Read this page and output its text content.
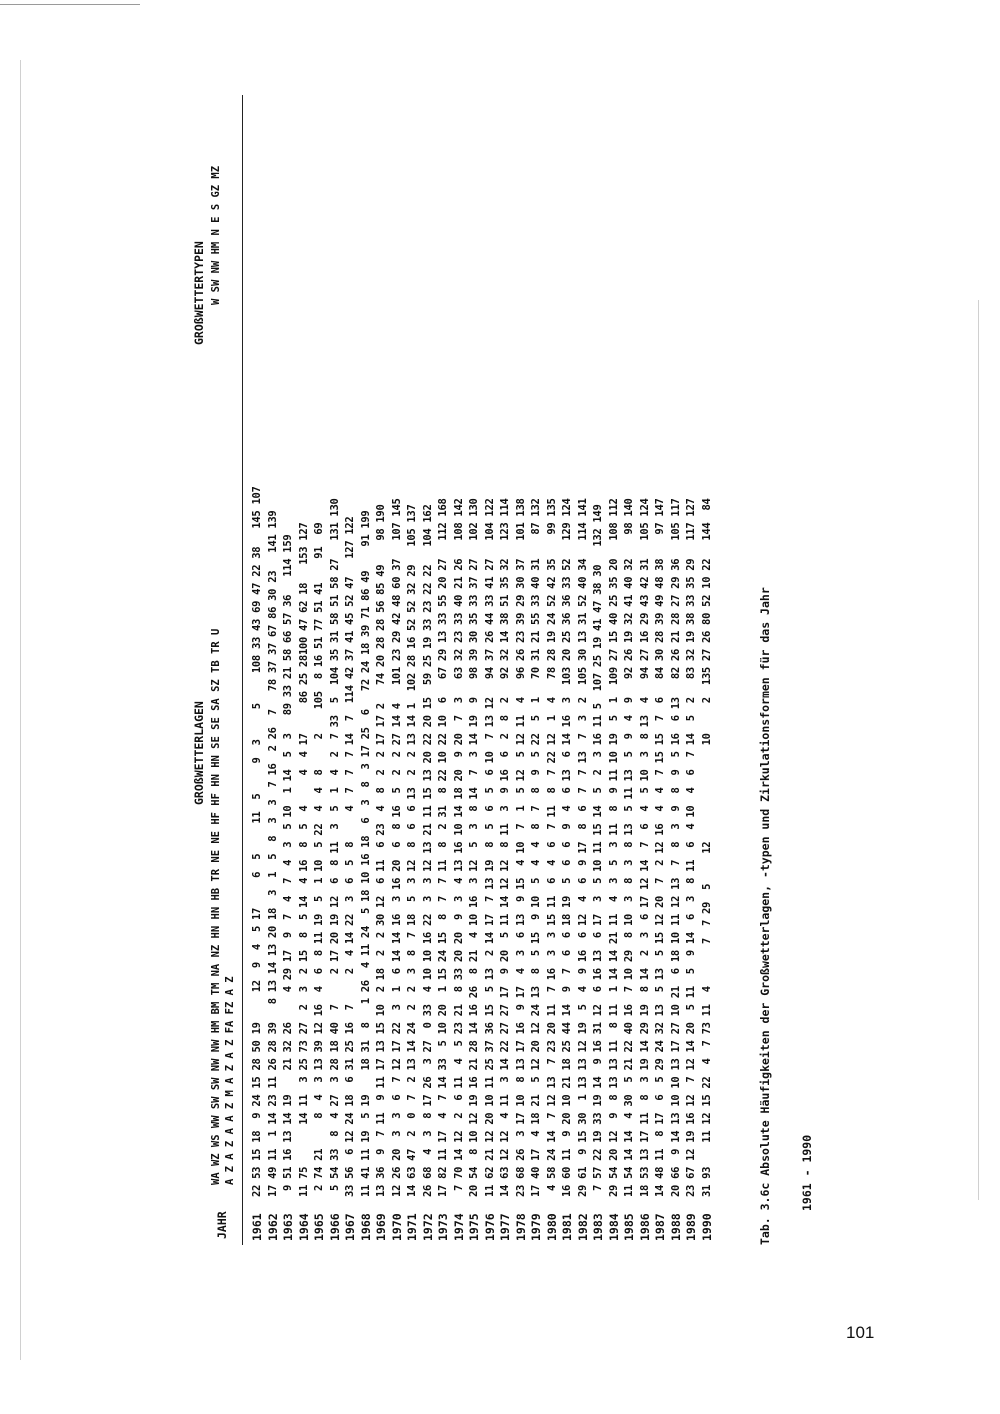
JAHR
GROßWETTERLAGEN
GROßWETTERTYPEN
WA WZ WS WW SW SW NW NW HM BM TM NA NZ HN HN HB TR NE NE HF HF HN HN SE SE SA SZ TB TR U A Z A Z A A Z M A Z A Z FA FZ A Z
W SW NW HM N E S GZ MZ
1961
22 53 15 18  9 24 15 28 50 19     12  9  4  5 17     6  5     11  5     9  3     5     108 33 43 69 47 22 38   145 107
1962
17 49 11  1 14 23 11 26 28 39   8 13 14 13 20 18  3  1  5  8  3  3  7 16  2 26  7   78 37 37 67 86 30 23   141 139
1963
9 51 16 13 14 19    21 32 26     4 29 17  9  7  4  7  4  3  5 10  1 14  5  3   89 33 21 58 66 57 36   114 159
1964
11 75       14 11  3 25 73 27  2  3  2 15  8  5 14  4 16  8  5  4     4  4 17     86 25 28100 47 62 18   153 127
1965
2 74 21     8  4  3 13 39 12 16  4  6  8 11 19  5  1 10  5 22  4  4  8     2    105  8 16 51 77 51 41    91  69
1966
5 54 33  8  4 27  3 28 18 40  7     2 17 20 19 12  6  8 11  3  5  1  4  2  7 33  5  104 35 31 58 51 58 27   131 130
1967
33 56  6 12 24 18  6 31 25 16  7     2  4 14 22  3  6  5  8     4  7  7  7 14  7  114 42 37 41 45 52 47   127 122
1968
11 41 11 19  5 19    18 31  8   1 26  4 11 24  5 18 10 16 18  6  3  8  3 17 25  6   72 24 18 39 71 86 49    91 199
1969
13 36  9  7 11  9 11 17 13 15 10  2 18  2  2 30 12  6 11  6 23  4  8  2  2 17 17 2   74 20 28 28 56 85 49    98 190
1970
12 26 20  3  3  6  7 12 17 22  3  1  6 14 14 16  3 16 20  6  8 16  5  2  2 27 14 4   101 23 29 42 48 60 37   107 145
1971
14 63 47  2  0  7  2 13 14 24  2  2  3  8  7 18  5  3 12  8  6  6 13  2  2 13 14 1  102 28 16 52 52 32 29   105 137
1972
26 68  4  3  8 17 26  3 27  0 33  4 10 10 16 22  3  3 12 13 21 11 15 13 20 22 20 15  59 25 19 33 23 22 22   104 162
1973
17 82 11 17  4  7 14 33  5 10 20  1 15 24 15  8  7  7 11  8  2 31  8 22 10 22 10  6   67 29 13 33 55 20 27   112 168
1974
7 70 14 12  2  6 11  4  5 23 21  8 33 20 20  9  3  4 13 16 10 14 18 20  9 20  7  3   63 32 23 33 40 21 26   108 142
1975
20 54  8 10 12 19 16 21 28 14 16 26  8 21  4 10 16  3 12  5  3  8 14  7  3 14 19  9   98 39 30 35 33 37 27   102 130
1976
11 62 21 12 20 10 11 25 37 36 15  5 13  2 14 17  7 13 19  8  5  6  5  6 10  7 13 12   94 37 26 44 33 41 27   104 122
1977
14 63 12 12  4 11  3 14 22 27 27 17  9 20  5 11 14 12 12  8 11  3  9 16  6  2  8  2   92 32 14 38 51 35 32   123 114
1978
23 68 26  3 17 10  8 13 17 16  9 17  4  3  6 13  9 15  4 10  7  1  5 12  5 12 11  4   96 26 23 39 29 30 37   101 138
1979
17 40 17  4 18 21  5 12 20 12 24 13  8  5 15  9 10  5  4  4  8  7  8  9  5 22  5  1   70 31 21 55 33 40 31    87 132
1980
4 58 24 14  7 12 13  7 23 20 11  7 16  3  3 15 11  6  4  6  7 11  8  7 22 12  1  4   78 28 19 24 52 42 35    99 135
1981
16 60 11  9 20 10 21 18 25 44 14  9  7  6  6 18 19  5  6  6  9  4  6 13  6 14 16  3  103 20 25 36 36 33 52   129 124
1982
29 61  9 15 30  1 13 13 12 19  5  4  9 16  6 12  4  6  9 17  8  6  7  7 13  7  3  2  105 30 13 31 52 40 34   114 141
1983
7 57 22 19 33 19 14  9 16 31 12  6 16 13  6 17  3  5 10 11 15 14  5  2  3 16 11 5  107 25 19 41 47 38 30   132 149
1984
29 54 20 12  9  8 13 13 11  8 11  1 14 14 21 11  4  3  5  3 11  8  9 11 10 19  5  1  109 27 15 40 25 35 20   108 112
1985
11 54 14 14  4 30  5 21 22 40 16  7 10 29  8 10  3  8  3  8 13  5 11 13  5  9  4  9   92 26 19 32 41 40 32    98 140
1986
18 53 13 17 11  8  3 19 14 29 19  8 14  2  3  6 17 12 14  7  6  4  5 10  3  8 13  4   94 27 16 29 43 42 31   105 124
1987
14 48 11  8 17  6  5 29 24 32 13  5 13  5 15 12 20  7  2 12 16  4  4  7 15 15  7  6   84 30 28 39 49 48 38    97 147
1988
20 66  9 14 13 10 10 13 17 27 10 21  6 18 10 11 12 13  7  8  3  9  8  9  5 16  6 13   82 26 21 28 27 29 36   105 117
1989
23 67 12 19 16 12  7 12 14 20  5 11  5  9 14  6  3  8 11  6  4 10  4  6  7 14  5  2   83 32 19 38 33 35 29   117 127
1990
31 93    11 12 15 22  4  7 73 11  4       7  7 29  5     12                10     2  135 27 26 80 52 10 22   144  84

	Tab. 3.6c Absolute Häufigkeiten der Großwetterlagen, -typen und Zirkulationsformen für das Jahr

1961 - 1990

101
